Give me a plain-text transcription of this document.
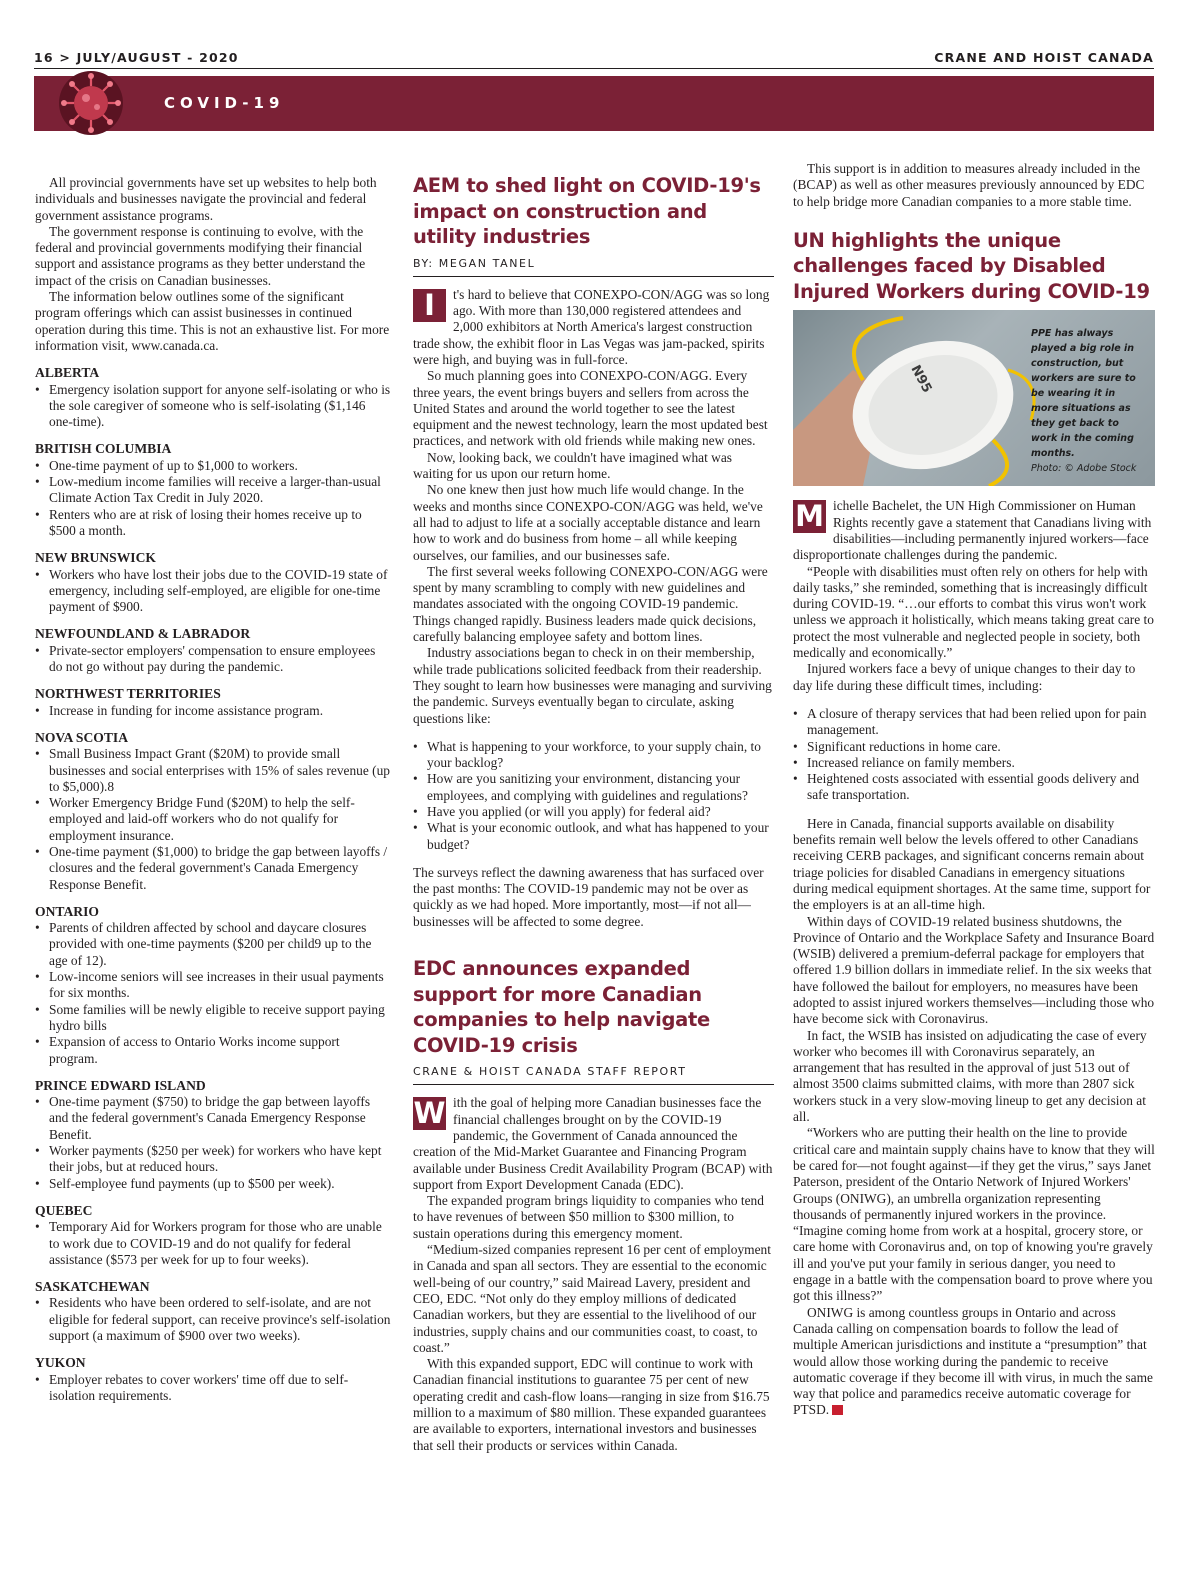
16 > JULY/AUGUST - 2020	CRANE AND HOIST CANADA
COVID-19

All provincial governments have set up websites to help both individuals and businesses navigate the provincial and federal government assistance programs.

The government response is continuing to evolve, with the federal and provincial governments modifying their financial support and assistance programs as they better understand the impact of the crisis on Canadian businesses.

The information below outlines some of the significant program offerings which can assist businesses in continued operation during this time. This is not an exhaustive list. For more information visit, www.canada.ca.

ALBERTA
• Emergency isolation support for anyone self-isolating or who is the sole caregiver of someone who is self-isolating ($1,146 one-time).
BRITISH COLUMBIA
• One-time payment of up to $1,000 to workers.
• Low-medium income families will receive a larger-than-usual Climate Action Tax Credit in July 2020.
• Renters who are at risk of losing their homes receive up to $500 a month.
NEW BRUNSWICK
• Workers who have lost their jobs due to the COVID-19 state of emergency, including self-employed, are eligible for one-time payment of $900.
NEWFOUNDLAND & LABRADOR
• Private-sector employers' compensation to ensure employees do not go without pay during the pandemic.
NORTHWEST TERRITORIES
• Increase in funding for income assistance program.
NOVA SCOTIA
• Small Business Impact Grant ($20M) to provide small businesses and social enterprises with 15% of sales revenue (up to $5,000).8
• Worker Emergency Bridge Fund ($20M) to help the self-employed and laid-off workers who do not qualify for employment insurance.
• One-time payment ($1,000) to bridge the gap between layoffs / closures and the federal government's Canada Emergency Response Benefit.
ONTARIO
• Parents of children affected by school and daycare closures provided with one-time payments ($200 per child9 up to the age of 12).
• Low-income seniors will see increases in their usual payments for six months.
• Some families will be newly eligible to receive support paying hydro bills
• Expansion of access to Ontario Works income support program.
PRINCE EDWARD ISLAND
• One-time payment ($750) to bridge the gap between layoffs and the federal government's Canada Emergency Response Benefit.
• Worker payments ($250 per week) for workers who have kept their jobs, but at reduced hours.
• Self-employee fund payments (up to $500 per week).
QUEBEC
• Temporary Aid for Workers program for those who are unable to work due to COVID-19 and do not qualify for federal assistance ($573 per week for up to four weeks).
SASKATCHEWAN
• Residents who have been ordered to self-isolate, and are not eligible for federal support, can receive province's self-isolation support (a maximum of $900 over two weeks).
YUKON
• Employer rebates to cover workers' time off due to self-isolation requirements.
AEM to shed light on COVID-19's impact on construction and utility industries
BY: MEGAN TANEL

I	t's hard to believe that CONEXPO-CON/AGG was so long ago. With more than 130,000 registered attendees and 2,000 exhibitors at North America's largest construction trade show, the exhibit floor in Las Vegas was jam-packed, spirits were high, and buying was in full-force.

So much planning goes into CONEXPO-CON/AGG. Every three years, the event brings buyers and sellers from across the United States and around the world together to see the latest equipment and the newest technology, learn the most updated best practices, and network with old friends while making new ones.

Now, looking back, we couldn't have imagined what was waiting for us upon our return home.

No one knew then just how much life would change. In the weeks and months since CONEXPO-CON/AGG was held, we've all had to adjust to life at a socially acceptable distance and learn how to work and do business from home – all while keeping ourselves, our families, and our businesses safe.

The first several weeks following CONEXPO-CON/AGG were spent by many scrambling to comply with new guidelines and mandates associated with the ongoing COVID-19 pandemic. Things changed rapidly. Business leaders made quick decisions, carefully balancing employee safety and bottom lines.

Industry associations began to check in on their membership, while trade publications solicited feedback from their readership. They sought to learn how businesses were managing and surviving the pandemic. Surveys eventually began to circulate, asking questions like:

• What is happening to your workforce, to your supply chain, to your backlog?
• How are you sanitizing your environment, distancing your employees, and complying with guidelines and regulations?
• Have you applied (or will you apply) for federal aid?
• What is your economic outlook, and what has happened to your budget?

The surveys reflect the dawning awareness that has surfaced over the past months: The COVID-19 pandemic may not be over as quickly as we had hoped. More importantly, most—if not all—businesses will be affected to some degree.

EDC announces expanded support for more Canadian companies to help navigate COVID-19 crisis
CRANE & HOIST CANADA STAFF REPORT

W ith the goal of helping more Canadian businesses face the financial challenges brought on by the COVID-19 pandemic, the Government of Canada announced the creation of the Mid-Market Guarantee and Financing Program available under Business Credit Availability Program (BCAP) with support from Export Development Canada (EDC).

The expanded program brings liquidity to companies who tend to have revenues of between $50 million to $300 million, to sustain operations during this emergency moment.

“Medium-sized companies represent 16 per cent of employment in Canada and span all sectors. They are essential to the economic well-being of our country,” said Mairead Lavery, president and CEO, EDC. “Not only do they employ millions of dedicated Canadian workers, but they are essential to the livelihood of our industries, supply chains and our communities coast, to coast, to coast.”

With this expanded support, EDC will continue to work with Canadian financial institutions to guarantee 75 per cent of new operating credit and cash-flow loans—ranging in size from $16.75 million to a maximum of $80 million. These expanded guarantees are available to exporters, international investors and businesses that sell their products or services within Canada.

This support is in addition to measures already included in the (BCAP) as well as other measures previously announced by EDC to help bridge more Canadian companies to a more stable time.

UN highlights the unique challenges faced by Disabled Injured Workers during COVID-19
N95
PPE has always played a big role in construction, but workers are sure to be wearing it in more situations as they get back to work in the coming months.
Photo: © Adobe Stock

M ichelle Bachelet, the UN High Commissioner on Human Rights recently gave a statement that Canadians living with disabilities—including permanently injured workers—face disproportionate challenges during the pandemic.

“People with disabilities must often rely on others for help with daily tasks,” she reminded, something that is increasingly difficult during COVID-19. “…our efforts to combat this virus won't work unless we approach it holistically, which means taking great care to protect the most vulnerable and neglected people in society, both medically and economically.”

Injured workers face a bevy of unique changes to their day to day life during these difficult times, including:

• A closure of therapy services that had been relied upon for pain management.
• Significant reductions in home care.
• Increased reliance on family members.
• Heightened costs associated with essential goods delivery and safe transportation.

Here in Canada, financial supports available on disability benefits remain well below the levels offered to other Canadians receiving CERB packages, and significant concerns remain about triage policies for disabled Canadians in emergency situations during medical equipment shortages. At the same time, support for the employers is at an all-time high.

Within days of COVID-19 related business shutdowns, the Province of Ontario and the Workplace Safety and Insurance Board (WSIB) delivered a premium-deferral package for employers that offered 1.9 billion dollars in immediate relief. In the six weeks that have followed the bailout for employers, no measures have been adopted to assist injured workers themselves—including those who have become sick with Coronavirus.

In fact, the WSIB has insisted on adjudicating the case of every worker who becomes ill with Coronavirus separately, an arrangement that has resulted in the approval of just 513 out of almost 3500 claims submitted claims, with more than 2807 sick workers stuck in a very slow-moving lineup to get any decision at all.

“Workers who are putting their health on the line to provide critical care and maintain supply chains have to know that they will be cared for—not fought against—if they get the virus,” says Janet Paterson, president of the Ontario Network of Injured Workers' Groups (ONIWG), an umbrella organization representing thousands of permanently injured workers in the province. “Imagine coming home from work at a hospital, grocery store, or care home with Coronavirus and, on top of knowing you're gravely ill and you've put your family in serious danger, you need to engage in a battle with the compensation board to prove where you got this illness?”

ONIWG is among countless groups in Ontario and across Canada calling on compensation boards to follow the lead of multiple American jurisdictions and institute a “presumption” that would allow those working during the pandemic to receive automatic coverage if they become ill with virus, in much the same way that police and paramedics receive automatic coverage for PTSD.
